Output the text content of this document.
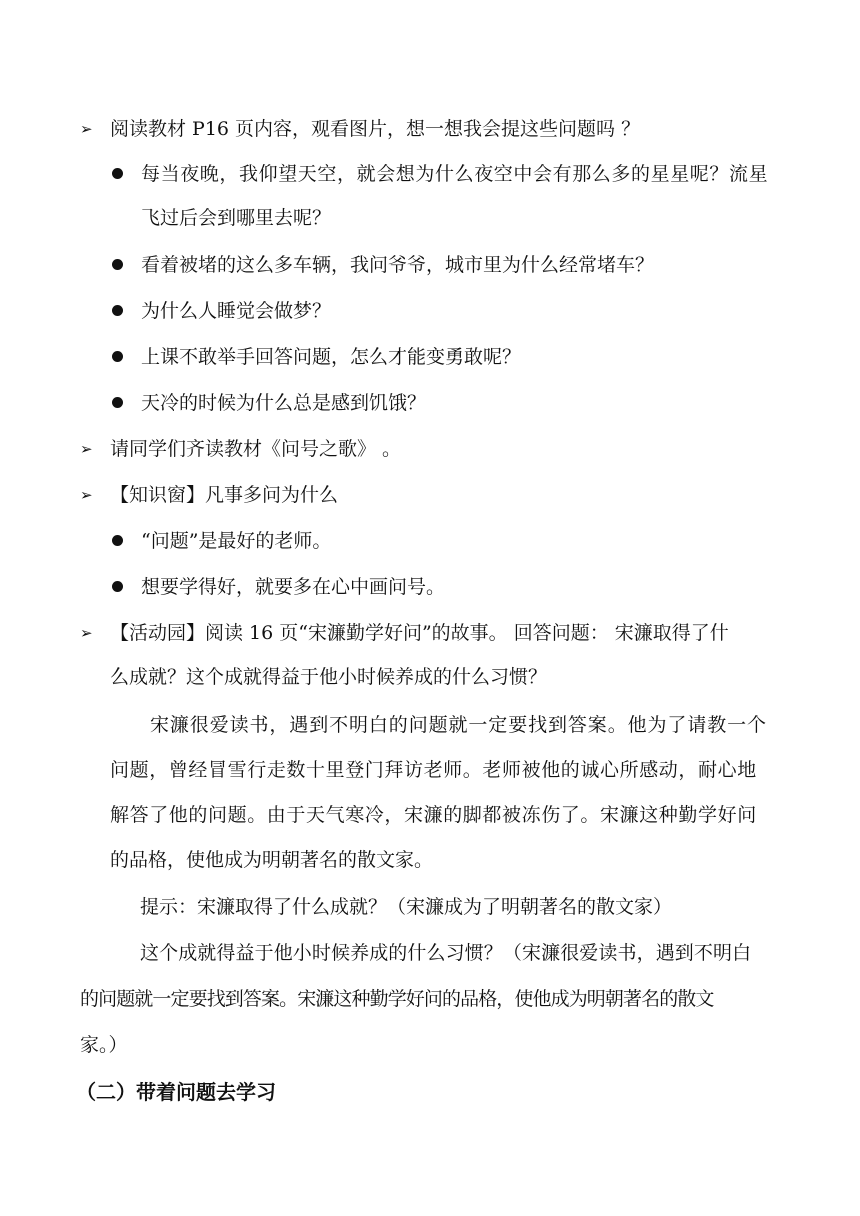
➢ 阅读教材 P16 页内容，观看图片，想一想我会提这些问题吗 ？
每当夜晚，我仰望天空，就会想为什么夜空中会有那么多的星星呢？流星
飞过后会到哪里去呢？
看着被堵的这么多车辆，我问爷爷，城市里为什么经常堵车？
为什么人睡觉会做梦？
上课不敢举手回答问题，怎么才能变勇敢呢？
天冷的时候为什么总是感到饥饿？
➢ 请同学们齐读教材《问号之歌》 。
➢ 【知识窗】凡事多问为什么
“问题”是最好的老师。
想要学得好，就要多在心中画问号。
➢ 【活动园】阅读 16 页“宋濂勤学好问”的故事。 回答问题： 宋濂取得了什
么成就？这个成就得益于他小时候养成的什么习惯？
宋濂很爱读书，遇到不明白的问题就一定要找到答案。他为了请教一个
问题，曾经冒雪行走数十里登门拜访老师。老师被他的诚心所感动，耐心地
解答了他的问题。由于天气寒冷，宋濂的脚都被冻伤了。宋濂这种勤学好问
的品格，使他成为明朝著名的散文家。
提示：宋濂取得了什么成就？（宋濂成为了明朝著名的散文家）
这个成就得益于他小时候养成的什么习惯？（宋濂很爱读书，遇到不明白
的问题就一定要找到答案。宋濂这种勤学好问的品格，使他成为明朝著名的散文
家。）
（二）带着问题去学习
